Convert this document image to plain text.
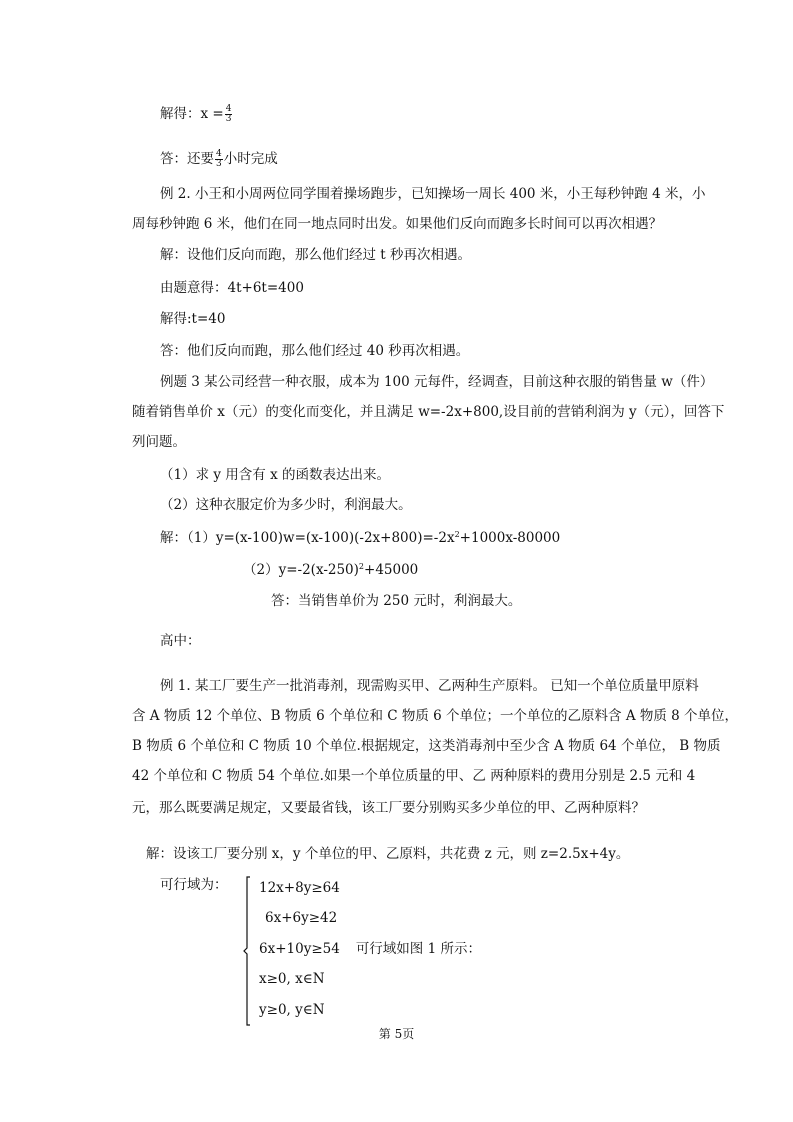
解得：$x = \frac{4}{3}$
答：还要 $\frac{4}{3}$ 小时完成
例 2. 小王和小周两位同学围着操场跑步，已知操场一周长 400 米，小王每秒钟跑 4 米，小
周每秒钟跑 6 米，他们在同一地点同时出发。如果他们反向而跑多长时间可以再次相遇？
解：设他们反向而跑，那么他们经过 t 秒再次相遇。
由题意得：4t+6t=400
解得:t=40
答：他们反向而跑，那么他们经过 40 秒再次相遇。
例题 3 某公司经营一种衣服，成本为 100 元每件，经调查，目前这种衣服的销售量 w（件）
随着销售单价 x（元）的变化而变化，并且满足 w=-2x+800,设目前的营销利润为 y（元），回答下
列问题。
（1）求 y 用含有 x 的函数表达出来。
（2）这种衣服定价为多少时，利润最大。
解：$(1)y=(x-100)w=(x-100)(-2x+800)=-2x^2+1000x-80000$
$(2)y=-2(x-250)^2+45000$
答：当销售单价为 250 元时，利润最大。
高中：
例 1. 某工厂要生产一批消毒剂，现需购买甲、乙两种生产原料。 已知一个单位质量甲原料
含 A 物质 12 个单位、B 物质 6 个单位和 C 物质 6 个单位；一个单位的乙原料含 A 物质 8 个单位，
B 物质 6 个单位和 C 物质 10 个单位.根据规定，这类消毒剂中至少含 A 物质 64 个单位， B 物质
42 个单位和 C 物质 54 个单位.如果一个单位质量的甲、乙 两种原料的费用分别是 2.5 元和 4
元，那么既要满足规定，又要最省钱，该工厂要分别购买多少单位的甲、乙两种原料？
解：设该工厂要分别 x，y 个单位的甲、乙原料，共花费 z 元，则 z=2.5x+4y。
可行域为： 12x+8y≥64
6x+6y≥42
6x+10y≥54 可行域如图 1 所示：
x≥0, x∈N
y≥0, y∈N
第 5页
